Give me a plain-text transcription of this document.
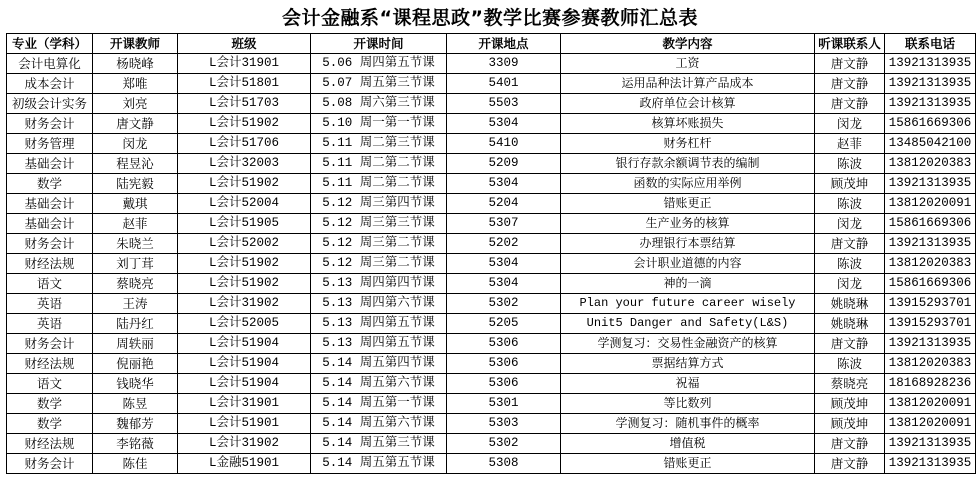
会计金融系“课程思政”教学比赛参赛教师汇总表
专业（学科）	开课教师	班级	开课时间	开课地点	教学内容	听课联系人	联系电话
会计电算化	杨晓峰	L会计31901	5.06 周四第五节课	3309	工资	唐文静	13921313935
成本会计	郑唯	L会计51801	5.07 周五第三节课	5401	运用品种法计算产品成本	唐文静	13921313935
初级会计实务	刘亮	L会计51703	5.08 周六第三节课	5503	政府单位会计核算	唐文静	13921313935
财务会计	唐文静	L会计51902	5.10 周一第一节课	5304	核算坏账损失	闵龙	15861669306
财务管理	闵龙	L会计51706	5.11 周二第三节课	5410	财务杠杆	赵菲	13485042100
基础会计	程昱沁	L会计32003	5.11 周二第二节课	5209	银行存款余额调节表的编制	陈波	13812020383
数学	陆宪毅	L会计51902	5.11 周二第二节课	5304	函数的实际应用举例	顾茂坤	13921313935
基础会计	戴琪	L会计52004	5.12 周三第四节课	5204	错账更正	陈波	13812020091
基础会计	赵菲	L会计51905	5.12 周三第三节课	5307	生产业务的核算	闵龙	15861669306
财务会计	朱晓兰	L会计52002	5.12 周三第二节课	5202	办理银行本票结算	唐文静	13921313935
财经法规	刘丁茸	L会计51902	5.12 周三第二节课	5304	会计职业道德的内容	陈波	13812020383
语文	蔡晓亮	L会计51902	5.13 周四第四节课	5304	神的一滴	闵龙	15861669306
英语	王涛	L会计31902	5.13 周四第六节课	5302	Plan your future career wisely	姚晓琳	13915293701
英语	陆丹红	L会计52005	5.13 周四第五节课	5205	Unit5 Danger and Safety(L&S)	姚晓琳	13915293701
财务会计	周轶丽	L会计51904	5.13 周四第五节课	5306	学测复习：交易性金融资产的核算	唐文静	13921313935
财经法规	倪丽艳	L会计51904	5.14 周五第四节课	5306	票据结算方式	陈波	13812020383
语文	钱晓华	L会计51904	5.14 周五第六节课	5306	祝福	蔡晓亮	18168928236
数学	陈昱	L会计31901	5.14 周五第一节课	5301	等比数列	顾茂坤	13812020091
数学	魏郁芳	L会计51901	5.14 周五第六节课	5303	学测复习：随机事件的概率	顾茂坤	13812020091
财经法规	李铭薇	L会计31902	5.14 周五第三节课	5302	增值税	唐文静	13921313935
财务会计	陈佳	L金融51901	5.14 周五第五节课	5308	错账更正	唐文静	13921313935
